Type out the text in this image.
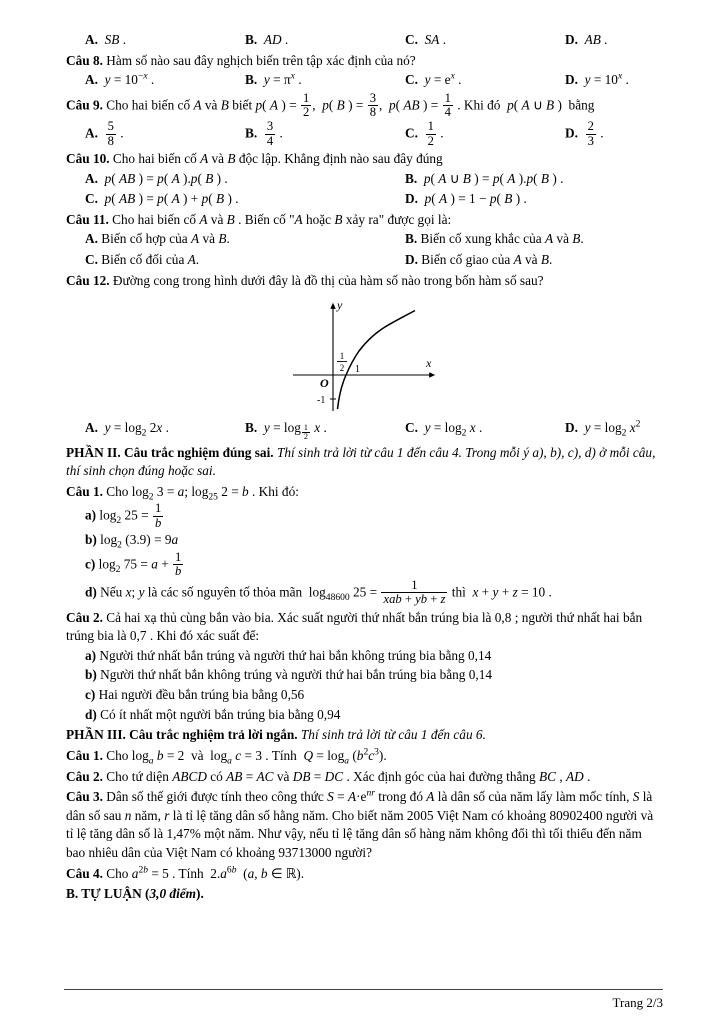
A. SB .	B. AD .	C. SA .	D. AB .

Câu 8. Hàm số nào sau đây nghịch biến trên tập xác định của nó?

A. $y = 10^{-x}$ .	B. $y = \pi^x$ .	C. $y = e^x$ .	D. $y = 10^x$ .

Câu 9. Cho hai biến cố A và B biết p( A ) = $\frac{1}{2}$ ,  p( B ) = $\frac{3}{8}$ ,  p( AB ) = $\frac{1}{4}$ . Khi đó  p( A ∪ B )  bằng

A. $\frac{5}{8}$ .	B. $\frac{3}{4}$ .	C. $\frac{1}{2}$ .	D. $\frac{2}{3}$ .

Câu 10. Cho hai biến cố A và B độc lập. Khẳng định nào sau đây đúng

A. p( AB ) = p( A ).p( B ) .	B. p( A ∪ B ) = p( A ).p( B ) .
C. p( AB ) = p( A ) + p( B ) .	D. p( A ) = 1 − p( B ) .

Câu 11. Cho hai biến cố A và B . Biến cố "A hoặc B xảy ra" được gọi là:

A. Biến cố hợp của A và B.	B. Biến cố xung khắc của A và B.
C. Biến cố đối của A.	D. Biến cố giao của A và B.

Câu 12. Đường cong trong hình dưới đây là đồ thị của hàm số nào trong bốn hàm số sau?

y
x
O
1
2 1
-1
A. $y = \log_2 2x$ .	B. y = log $_{\frac{1}{2}}$ x .	C. $y = \log_2 x$ .	D. $y = \log_2 x^2$

PHẦN II. Câu trắc nghiệm đúng sai. Thí sinh trả lời từ câu 1 đến câu 4. Trong mỗi ý a), b), c), d) ở mỗi câu, thí sinh chọn đúng hoặc sai.

Câu 1. Cho $\log_2 3 = a$; $\log_{25} 2 = b$ . Khi đó:

a) $\log_2 25 = \frac{1}{b}$
b) $\log_2 (3.9) = 9a$
c) $\log_2 75 = a + \frac{1}{b}$
d) Nếu x; y là các số nguyên tố thỏa mãn  $\log_{48600} 25$ =	1
xab + yb + z thì  x + y + z = 10 .

Câu 2. Cả hai xạ thủ cùng bắn vào bia. Xác suất người thứ nhất bắn trúng bia là 0,8 ; người thứ nhất hai bắn trúng bia là 0,7 . Khi đó xác suất để:

a) Người thứ nhất bắn trúng và người thứ hai bắn không trúng bia bằng 0,14
b) Người thứ nhất bắn không trúng và người thứ hai bắn trúng bia bằng 0,14
c) Hai người đều bắn trúng bia bằng 0,56
d) Có ít nhất một người bắn trúng bia bằng 0,94

PHẦN III. Câu trắc nghiệm trả lời ngắn. Thí sinh trả lời từ câu 1 đến câu 6.

Câu 1. Cho $\log_a b = 2$  và  $\log_a c = 3$ . Tính  $Q = \log_a (b^2c^3)$.

Câu 2. Cho tứ diện ABCD có AB = AC và DB = DC . Xác định góc của hai đường thẳng BC , AD .

Câu 3. Dân số thế giới được tính theo công thức $S = A\cdot e^{nr}$ trong đó A là dân số của năm lấy làm mốc tính, S là dân số sau n năm, r là tỉ lệ tăng dân số hằng năm. Cho biết năm 2005 Việt Nam có khoảng 80902400 người và tỉ lệ tăng dân số là 1,47% một năm. Như vậy, nếu tỉ lệ tăng dân số hàng năm không đổi thì tối thiểu đến năm bao nhiêu dân của Việt Nam có khoảng 93713000 người?

Câu 4. Cho $a^{2b} = 5$ . Tính  $2.a^{6b}$  (a, b ∈ ℝ).

B. TỰ LUẬN (3,0 điểm).

Trang 2/3
